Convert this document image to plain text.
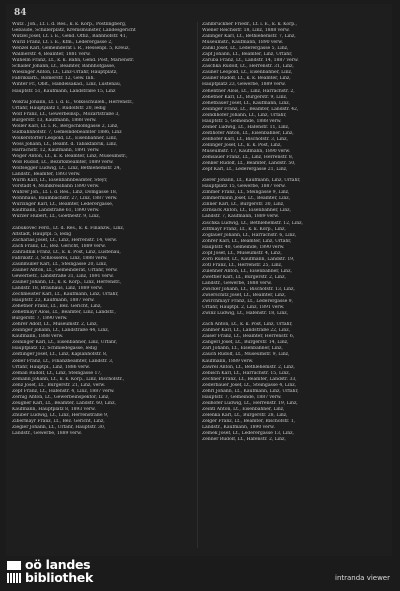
84
Wutz . Joh., Lt. i. d. Res., k. k. Korp., Pöstlingberg,
Gebäude, Schillerplatz, Kremsmünster, Landesgericht
Wutzel Josef, Lt. i. E., Gend. Offiz., Bahnhofstr. 41,
Wurzl Franz, Lt. i. E., Kfm., Lederergasse 2,
Wenzel Karl, Gemeinderat i. R., Hessenpl. 5, Kreuz,
Wallnerstr. 4, Beamter, 1881 verw.
Wilhelm Franz, Lt., k. k. Bahn, Gend. Post, Marienstr.
Schaller Johann, Lt., Beamter, Bahnhofgasse,
Wiesinger Anton, Lt., Linz-Urfahr, Hauptplatz,
Fabriksarb., Römerstr. 12, Gew. Inh.
Winter Fr., Oblt., Handelsakad., Linz, Lustenau,
Hauptstr. 51, Kaufmann, Landstraße 15, Linz
Wokral Johann, Lt. i. d. E., Volksschulleh., Herrenstr.,
Urfahr, Hauptplatz 1, Rudolfstr. 20, ledig
Wolf Franz, Lt., Gewerbeinsp., Mozartstraße 3,
Bürgerstr. 13, Kaufmann, 1888 verw.
Woller Karl, Lt. i. R., Bergschlößlgasse 2, Linz,
Südbahnhofstr. 7, Gemeindebeamter 1886, Linz
Wolkerstorfer Leopold, Lt., Eisenbahner, Linz,
Wöss Johann, Lt., Beamt. d. Tabakfabrik, Linz,
Harrachstr. 12, Kaufmann, 1891 verw.
Wöger Anton, Lt., k. k. Beamter, Linz, Museumstr.,
Wöß Rudolf, Lt., Bezirksbeamter, 1889 verw.
Wolfsegger Ludwig, Lt., Linz, Bethlehemstr. 24,
Landstr., Beamter, 1893 verw.
Wurm Karl, Lt., Eisenbahnbeamter, Steyr,
Vorstadt 4, Mühlkreisbahn 1890 verw.
Wührer Joh., Lt. i. d. Res., Linz, Domgasse 18,
Wohnhaus, Baumbachstr. 27, Linz, 1887 verw.
Wurzinger Karl, Lt., Beamter, Lederergasse,
Kaufmann, Landstraße 61, 1890 verw.
Wurzer Hubert, Lt., Goethestr. 9, Linz,
Zabukovec Ferd., Lt. d. Res., k. k. Finanzw., Linz,
Altstadt, Hauptpl. 5, ledig
Zacharias Josef, Lt., Linz, Herrenstr. 14, verw.
Zach Franz, Lt., Bez. Gericht, 1889 verw.
Zahradnik Franz, Lt., k. k. Post, Linz, Lustenau,
Fabrikstr. 3, Schlosserei, Linz, 1888 verw.
Zaunmüller Karl, Lt., Steingasse 20, Linz,
Zauner Anton, Lt., Gemeinderat, Urfahr, verw.
Gewerbetr., Landstraße 31, Linz, 1891 verw.
Zauner Johann, Lt., k. k. Korp., Linz, Herrenstr.,
Landstr. 18, Bräuhaus, Linz, 1889 verw.
Zechmeister Karl, Lt., Kaufmann, Linz, Urfahr,
Hauptstr. 23, Kaufmann, 1887 verw.
Zehetner Franz, Lt., Bez. Gericht, Linz,
Zehetmayr Alois, Lt., Beamter, Linz, Landstr.,
Bürgerstr. 7, 1890 verw.
Zehrer Adolf, Lt., Museumstr. 2, Linz,
Zeilinger Johann, Lt., Landstraße 44, Linz,
Kaufmann, 1888 verw.
Zeininger Karl, Lt., Eisenbahner, Linz, Urfahr,
Hauptplatz 12, Schmiedegasse, ledig
Zeitlinger Josef, Lt., Linz, Kaplanhofstr. 8,
Zeller Franz, Lt., Finanzbeamter, Landstr. 3,
Urfahr, Hauptpl., Linz, 1886 verw.
Zeman Rudolf, Lt., Linz, Steingasse 17,
Zemann Johann, Lt., k. k. Korp., Linz, Bischofstr.,
Zenz Josef, Lt., Bürgerstr. 21, Linz, verw.
Zepf Franz, Lt., Hafenstr. 4, Linz, 1887 verw.
Zernig Anton, Lt., Gewerbeinspektor, Linz,
Zeugner Karl, Lt., Beamter, Landstr. 60, Linz,
Kaufmann, Hauptplatz 8, 1893 verw.
Zhuber Ludwig, Lt., Linz, Herrenstraße 9,
Zibermayr Franz, Lt., Bez. Gericht, Linz,
Ziegler Johann, Lt., Urfahr, Hauptstr. 30,
Landstr., Gewerbe, 1889 verw.
Zahlbruckner Friedr., Lt. i. E., k. k. Korp.,
Wiener Reichsstr. 18, Linz, 1888 verw.
Zallinger Karl, Lt., Bethlehemstr. 7, Linz,
Museumstr., Kaufmann, 1890 verw.
Zankl Josef, Lt., Lederergasse 5, Linz,
Zapf Johann, Lt., Beamter, Linz, Urfahr,
Zaruba Franz, Lt., Landstr. 14, 1887 verw.
Zaschka Rudolf, Lt., Herrenstr. 31, Linz,
Zauner Leopold, Lt., Eisenbahner, Linz,
Zauner Rudolf, Lt., k. k. Beamter, Linz,
Hauptplatz 23, Gewerbe, 1889 verw.
Zehentner Alois, Lt., Linz, Harrachstr. 2,
Zehetner Karl, Lt., Bürgerstr. 9, Linz,
Zehetbauer Josef, Lt., Kaufmann, Linz,
Zeilinger Franz, Lt., Beamter, Landstr. 42,
Zeindlhofer Johann, Lt., Linz, Urfahr,
Hauptstr. 5, Gemeinde, 1888 verw.
Zeiner Ludwig, Lt., Hafenstr. 11, Linz,
Zeitlhofer Anton, Lt., Eisenbahner, Linz,
Zellhofer Karl, Lt., Bischofstr. 3, Linz,
Zellinger Josef, Lt., k. k. Post, Linz,
Museumstr. 17, Kaufmann, 1890 verw.
Zemsauer Franz, Lt., Linz, Herrenstr. 8,
Zenker Rudolf, Lt., Beamter, Landstr. 50,
Zepf Karl, Lt., Lederergasse 21, Linz,
Zierer Johann, Lt., Kaufmann, Linz, Urfahr,
Hauptplatz 15, Gewerbe, 1887 verw.
Zimmer Franz, Lt., Steingasse 9, Linz,
Zimmermann Josef, Lt., Beamter, Linz,
Zinner Karl, Lt., Bürgerstr. 30, Linz,
Zirnsack Anton, Lt., Eisenbahner, Linz,
Landstr. 7, Kaufmann, 1889 verw.
Zischka Ludwig, Lt., Bethlehemstr. 12, Linz,
Zittmayr Franz, Lt., k. k. Korp., Linz,
Zoglauer Johann, Lt., Harrachstr. 6, Linz,
Zöhrer Karl, Lt., Beamter, Linz, Urfahr,
Hauptstr. 40, Gemeinde, 1890 verw.
Zopf Josef, Lt., Museumstr. 4, Linz,
Zorn Rudolf, Lt., Kaufmann, Landstr. 19,
Zötl Franz, Lt., Herrenstr. 25, Linz,
Zulehner Anton, Lt., Eisenbahner, Linz,
Zwettler Karl, Lt., Bürgerstr. 2, Linz,
Landstr., Gewerbe, 1888 verw.
Zwicker Johann, Lt., Bischofstr. 13, Linz,
Zwierschitz Josef, Lt., Beamter, Linz,
Zwirchmayr Franz, Lt., Lederergasse 9,
Urfahr, Hauptpl. 2, Linz, 1891 verw.
Zwinz Ludwig, Lt., Hafenstr. 18, Linz,
Zach Anton, Lt., k. k. Post, Linz, Urfahr,
Zahlner Karl, Lt., Landstraße 22, Linz,
Zaiser Franz, Lt., Beamter, Herrenstr. 6,
Zangerl Josef, Lt., Bürgerstr. 14, Linz,
Zarl Johann, Lt., Eisenbahner, Linz,
Zauch Rudolf, Lt., Museumstr. 9, Linz,
Kaufmann, 1889 verw.
Zawrel Anton, Lt., Bethlehemstr. 2, Linz,
Zebisch Karl, Lt., Harrachstr. 15, Linz,
Zechner Franz, Lt., Beamter, Landstr. 33,
Zederbauer Josef, Lt., Steingasse 4, Linz,
Zehrl Johann, Lt., Kaufmann, Linz, Urfahr,
Hauptstr. 7, Gemeinde, 1887 verw.
Zeilhofer Ludwig, Lt., Herrenstr. 19, Linz,
Zeintl Anton, Lt., Eisenbahner, Linz,
Zelenka Karl, Lt., Bürgerstr. 28, Linz,
Zelger Franz, Lt., Beamter, Bischofstr. 1,
Landstr., Kaufmann, 1890 verw.
Zemek Josef, Lt., Lederergasse 13, Linz,
Zenner Rudolf, Lt., Hafenstr. 2, Linz,
oö landes
bibliothek	intranda viewer
